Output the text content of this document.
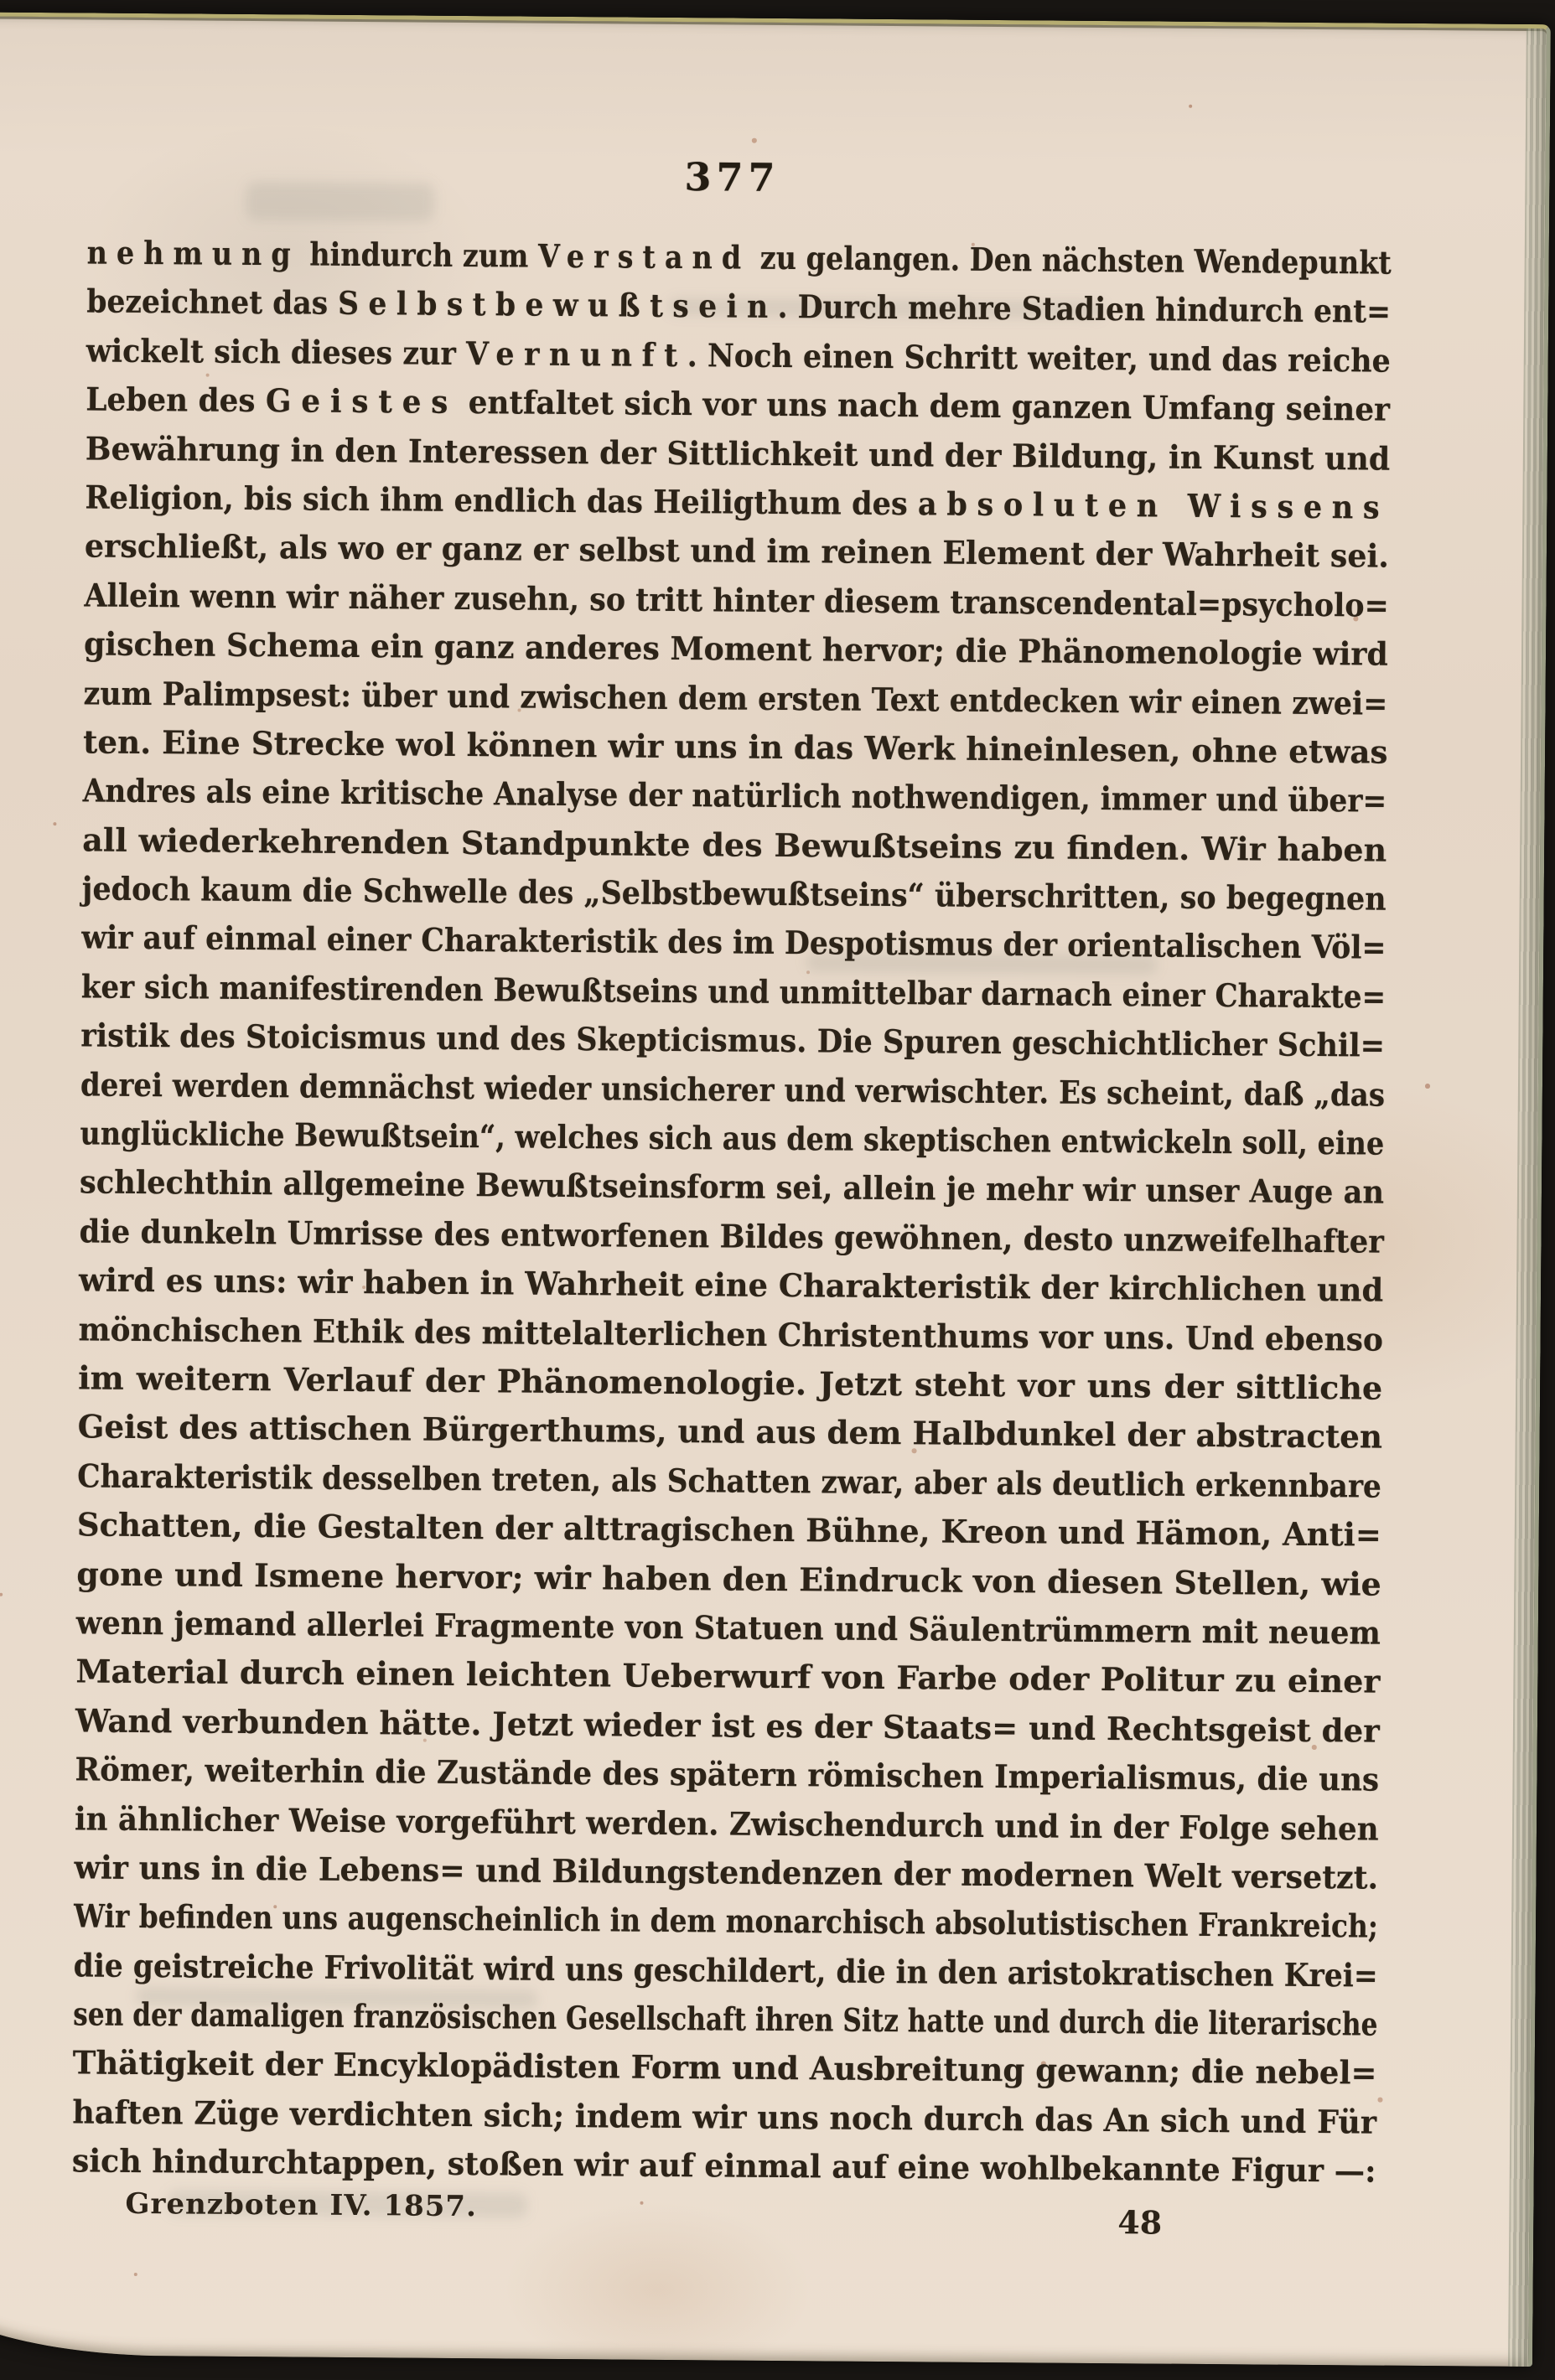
377
nehmung hindurch zum Verstand zu gelangen. Den nächsten Wendepunkt
bezeichnet das Selbstbewußtsein. Durch mehre Stadien hindurch ent=
wickelt sich dieses zur Vernunft. Noch einen Schritt weiter, und das reiche
Leben des Geistes entfaltet sich vor uns nach dem ganzen Umfang seiner
Bewährung in den Interessen der Sittlichkeit und der Bildung, in Kunst und
Religion, bis sich ihm endlich das Heiligthum des absoluten Wissens
erschließt, als wo er ganz er selbst und im reinen Element der Wahrheit sei.
Allein wenn wir näher zusehn, so tritt hinter diesem transcendental=psycholo=
gischen Schema ein ganz anderes Moment hervor; die Phänomenologie wird
zum Palimpsest: über und zwischen dem ersten Text entdecken wir einen zwei=
ten. Eine Strecke wol können wir uns in das Werk hineinlesen, ohne etwas
Andres als eine kritische Analyse der natürlich nothwendigen, immer und über=
all wiederkehrenden Standpunkte des Bewußtseins zu finden. Wir haben
jedoch kaum die Schwelle des „Selbstbewußtseins“ überschritten, so begegnen
wir auf einmal einer Charakteristik des im Despotismus der orientalischen Völ=
ker sich manifestirenden Bewußtseins und unmittelbar darnach einer Charakte=
ristik des Stoicismus und des Skepticismus. Die Spuren geschichtlicher Schil=
derei werden demnächst wieder unsicherer und verwischter. Es scheint, daß „das
unglückliche Bewußtsein“, welches sich aus dem skeptischen entwickeln soll, eine
schlechthin allgemeine Bewußtseinsform sei, allein je mehr wir unser Auge an
die dunkeln Umrisse des entworfenen Bildes gewöhnen, desto unzweifelhafter
wird es uns: wir haben in Wahrheit eine Charakteristik der kirchlichen und
mönchischen Ethik des mittelalterlichen Christenthums vor uns. Und ebenso
im weitern Verlauf der Phänomenologie. Jetzt steht vor uns der sittliche
Geist des attischen Bürgerthums, und aus dem Halbdunkel der abstracten
Charakteristik desselben treten, als Schatten zwar, aber als deutlich erkennbare
Schatten, die Gestalten der alttragischen Bühne, Kreon und Hämon, Anti=
gone und Ismene hervor; wir haben den Eindruck von diesen Stellen, wie
wenn jemand allerlei Fragmente von Statuen und Säulentrümmern mit neuem
Material durch einen leichten Ueberwurf von Farbe oder Politur zu einer
Wand verbunden hätte. Jetzt wieder ist es der Staats= und Rechtsgeist der
Römer, weiterhin die Zustände des spätern römischen Imperialismus, die uns
in ähnlicher Weise vorgeführt werden. Zwischendurch und in der Folge sehen
wir uns in die Lebens= und Bildungstendenzen der modernen Welt versetzt.
Wir befinden uns augenscheinlich in dem monarchisch absolutistischen Frankreich;
die geistreiche Frivolität wird uns geschildert, die in den aristokratischen Krei=
sen der damaligen französischen Gesellschaft ihren Sitz hatte und durch die literarische
Thätigkeit der Encyklopädisten Form und Ausbreitung gewann; die nebel=
haften Züge verdichten sich; indem wir uns noch durch das An sich und Für
sich hindurchtappen, stoßen wir auf einmal auf eine wohlbekannte Figur —:
Grenzboten IV. 1857.	48
